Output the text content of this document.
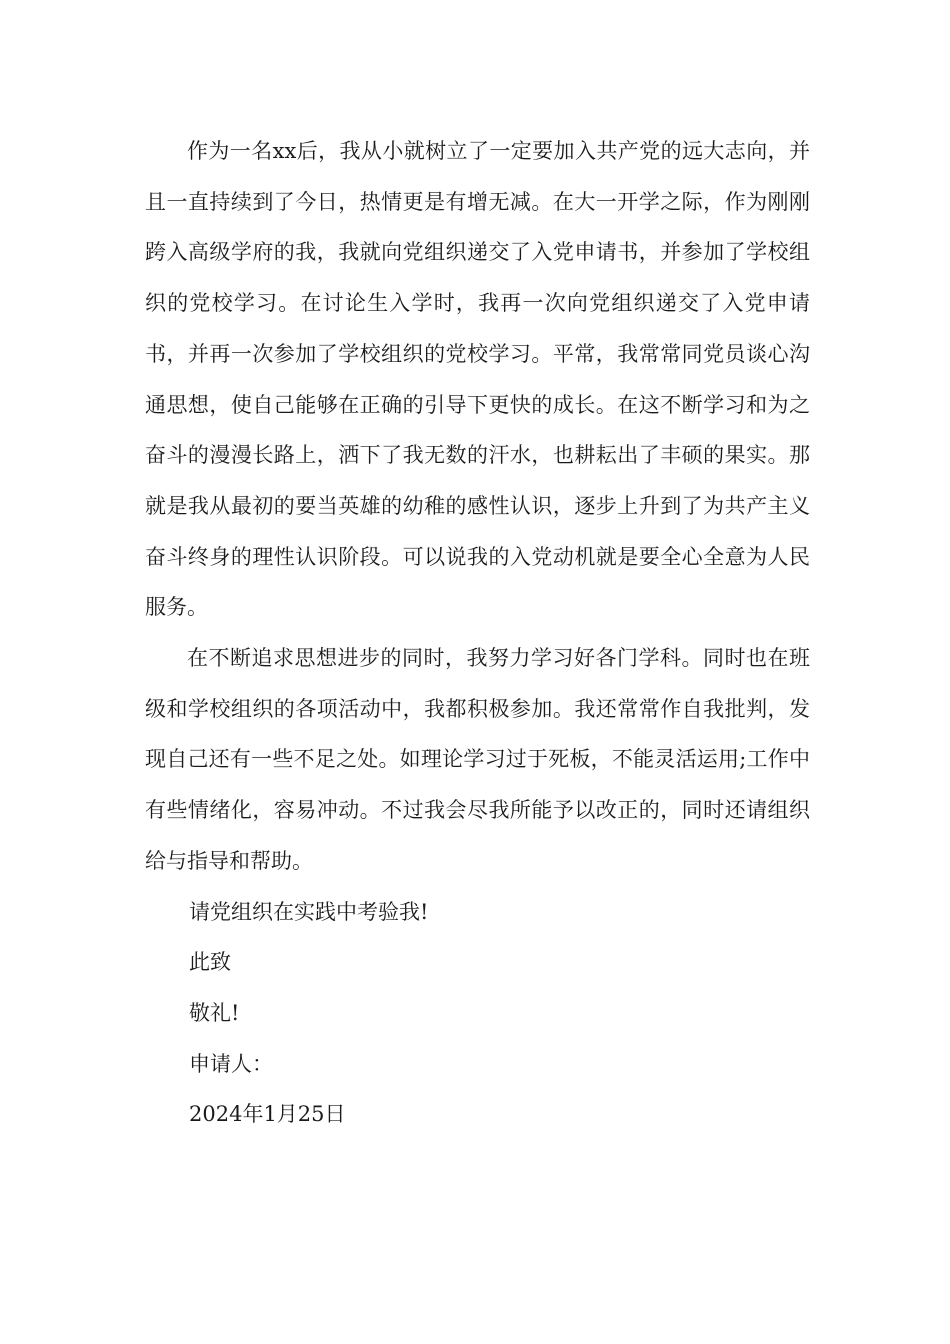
作为一名xx后，我从小就树立了一定要加入共产党的远大志向，并且一直持续到了今日，热情更是有增无减。在大一开学之际，作为刚刚跨入高级学府的我，我就向党组织递交了入党申请书，并参加了学校组织的党校学习。在讨论生入学时，我再一次向党组织递交了入党申请书，并再一次参加了学校组织的党校学习。平常，我常常同党员谈心沟通思想，使自己能够在正确的引导下更快的成长。在这不断学习和为之奋斗的漫漫长路上，洒下了我无数的汗水，也耕耘出了丰硕的果实。那就是我从最初的要当英雄的幼稚的感性认识，逐步上升到了为共产主义奋斗终身的理性认识阶段。可以说我的入党动机就是要全心全意为人民服务。

在不断追求思想进步的同时，我努力学习好各门学科。同时也在班级和学校组织的各项活动中，我都积极参加。我还常常作自我批判，发现自己还有一些不足之处。如理论学习过于死板，不能灵活运用;工作中有些情绪化，容易冲动。不过我会尽我所能予以改正的，同时还请组织给与指导和帮助。

请党组织在实践中考验我!

此致

敬礼!

申请人：

2024年1月25日
